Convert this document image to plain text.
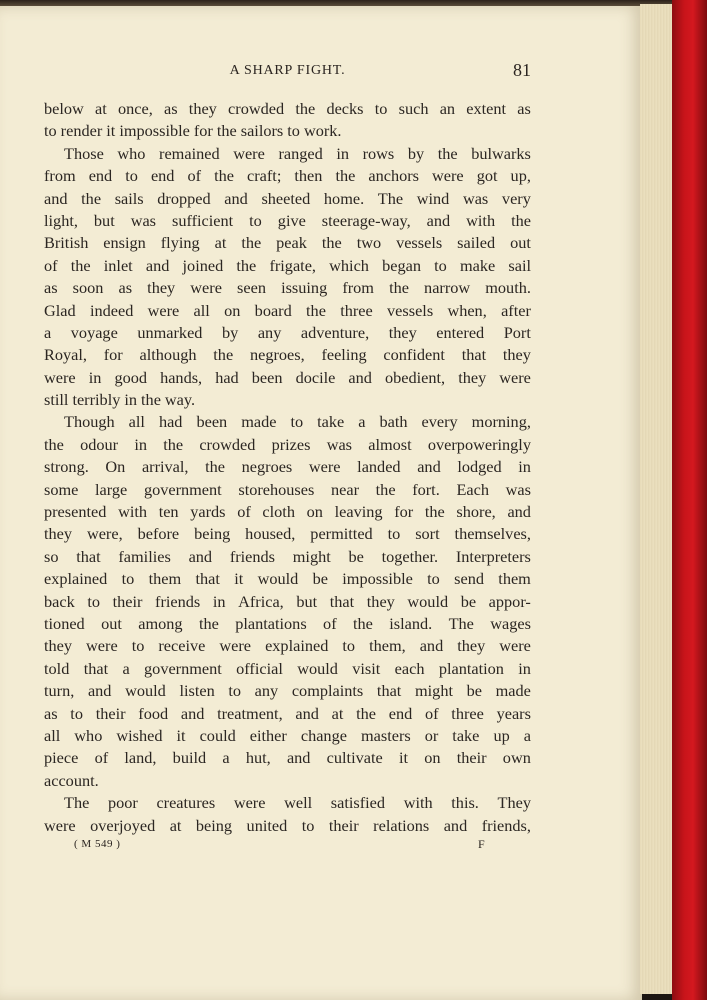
A SHARP FIGHT.	81
below at once, as they crowded the decks to such an extent as
to render it impossible for the sailors to work.
Those who remained were ranged in rows by the bulwarks
from end to end of the craft; then the anchors were got up,
and the sails dropped and sheeted home. The wind was very
light, but was sufficient to give steerage-way, and with the
British ensign flying at the peak the two vessels sailed out
of the inlet and joined the frigate, which began to make sail
as soon as they were seen issuing from the narrow mouth.
Glad indeed were all on board the three vessels when, after
a voyage unmarked by any adventure, they entered Port
Royal, for although the negroes, feeling confident that they
were in good hands, had been docile and obedient, they were
still terribly in the way.
Though all had been made to take a bath every morning,
the odour in the crowded prizes was almost overpoweringly
strong. On arrival, the negroes were landed and lodged in
some large government storehouses near the fort. Each was
presented with ten yards of cloth on leaving for the shore, and
they were, before being housed, permitted to sort themselves,
so that families and friends might be together. Interpreters
explained to them that it would be impossible to send them
back to their friends in Africa, but that they would be appor-
tioned out among the plantations of the island. The wages
they were to receive were explained to them, and they were
told that a government official would visit each plantation in
turn, and would listen to any complaints that might be made
as to their food and treatment, and at the end of three years
all who wished it could either change masters or take up a
piece of land, build a hut, and cultivate it on their own
account.
The poor creatures were well satisfied with this. They
were overjoyed at being united to their relations and friends,
( M 549 )	F
